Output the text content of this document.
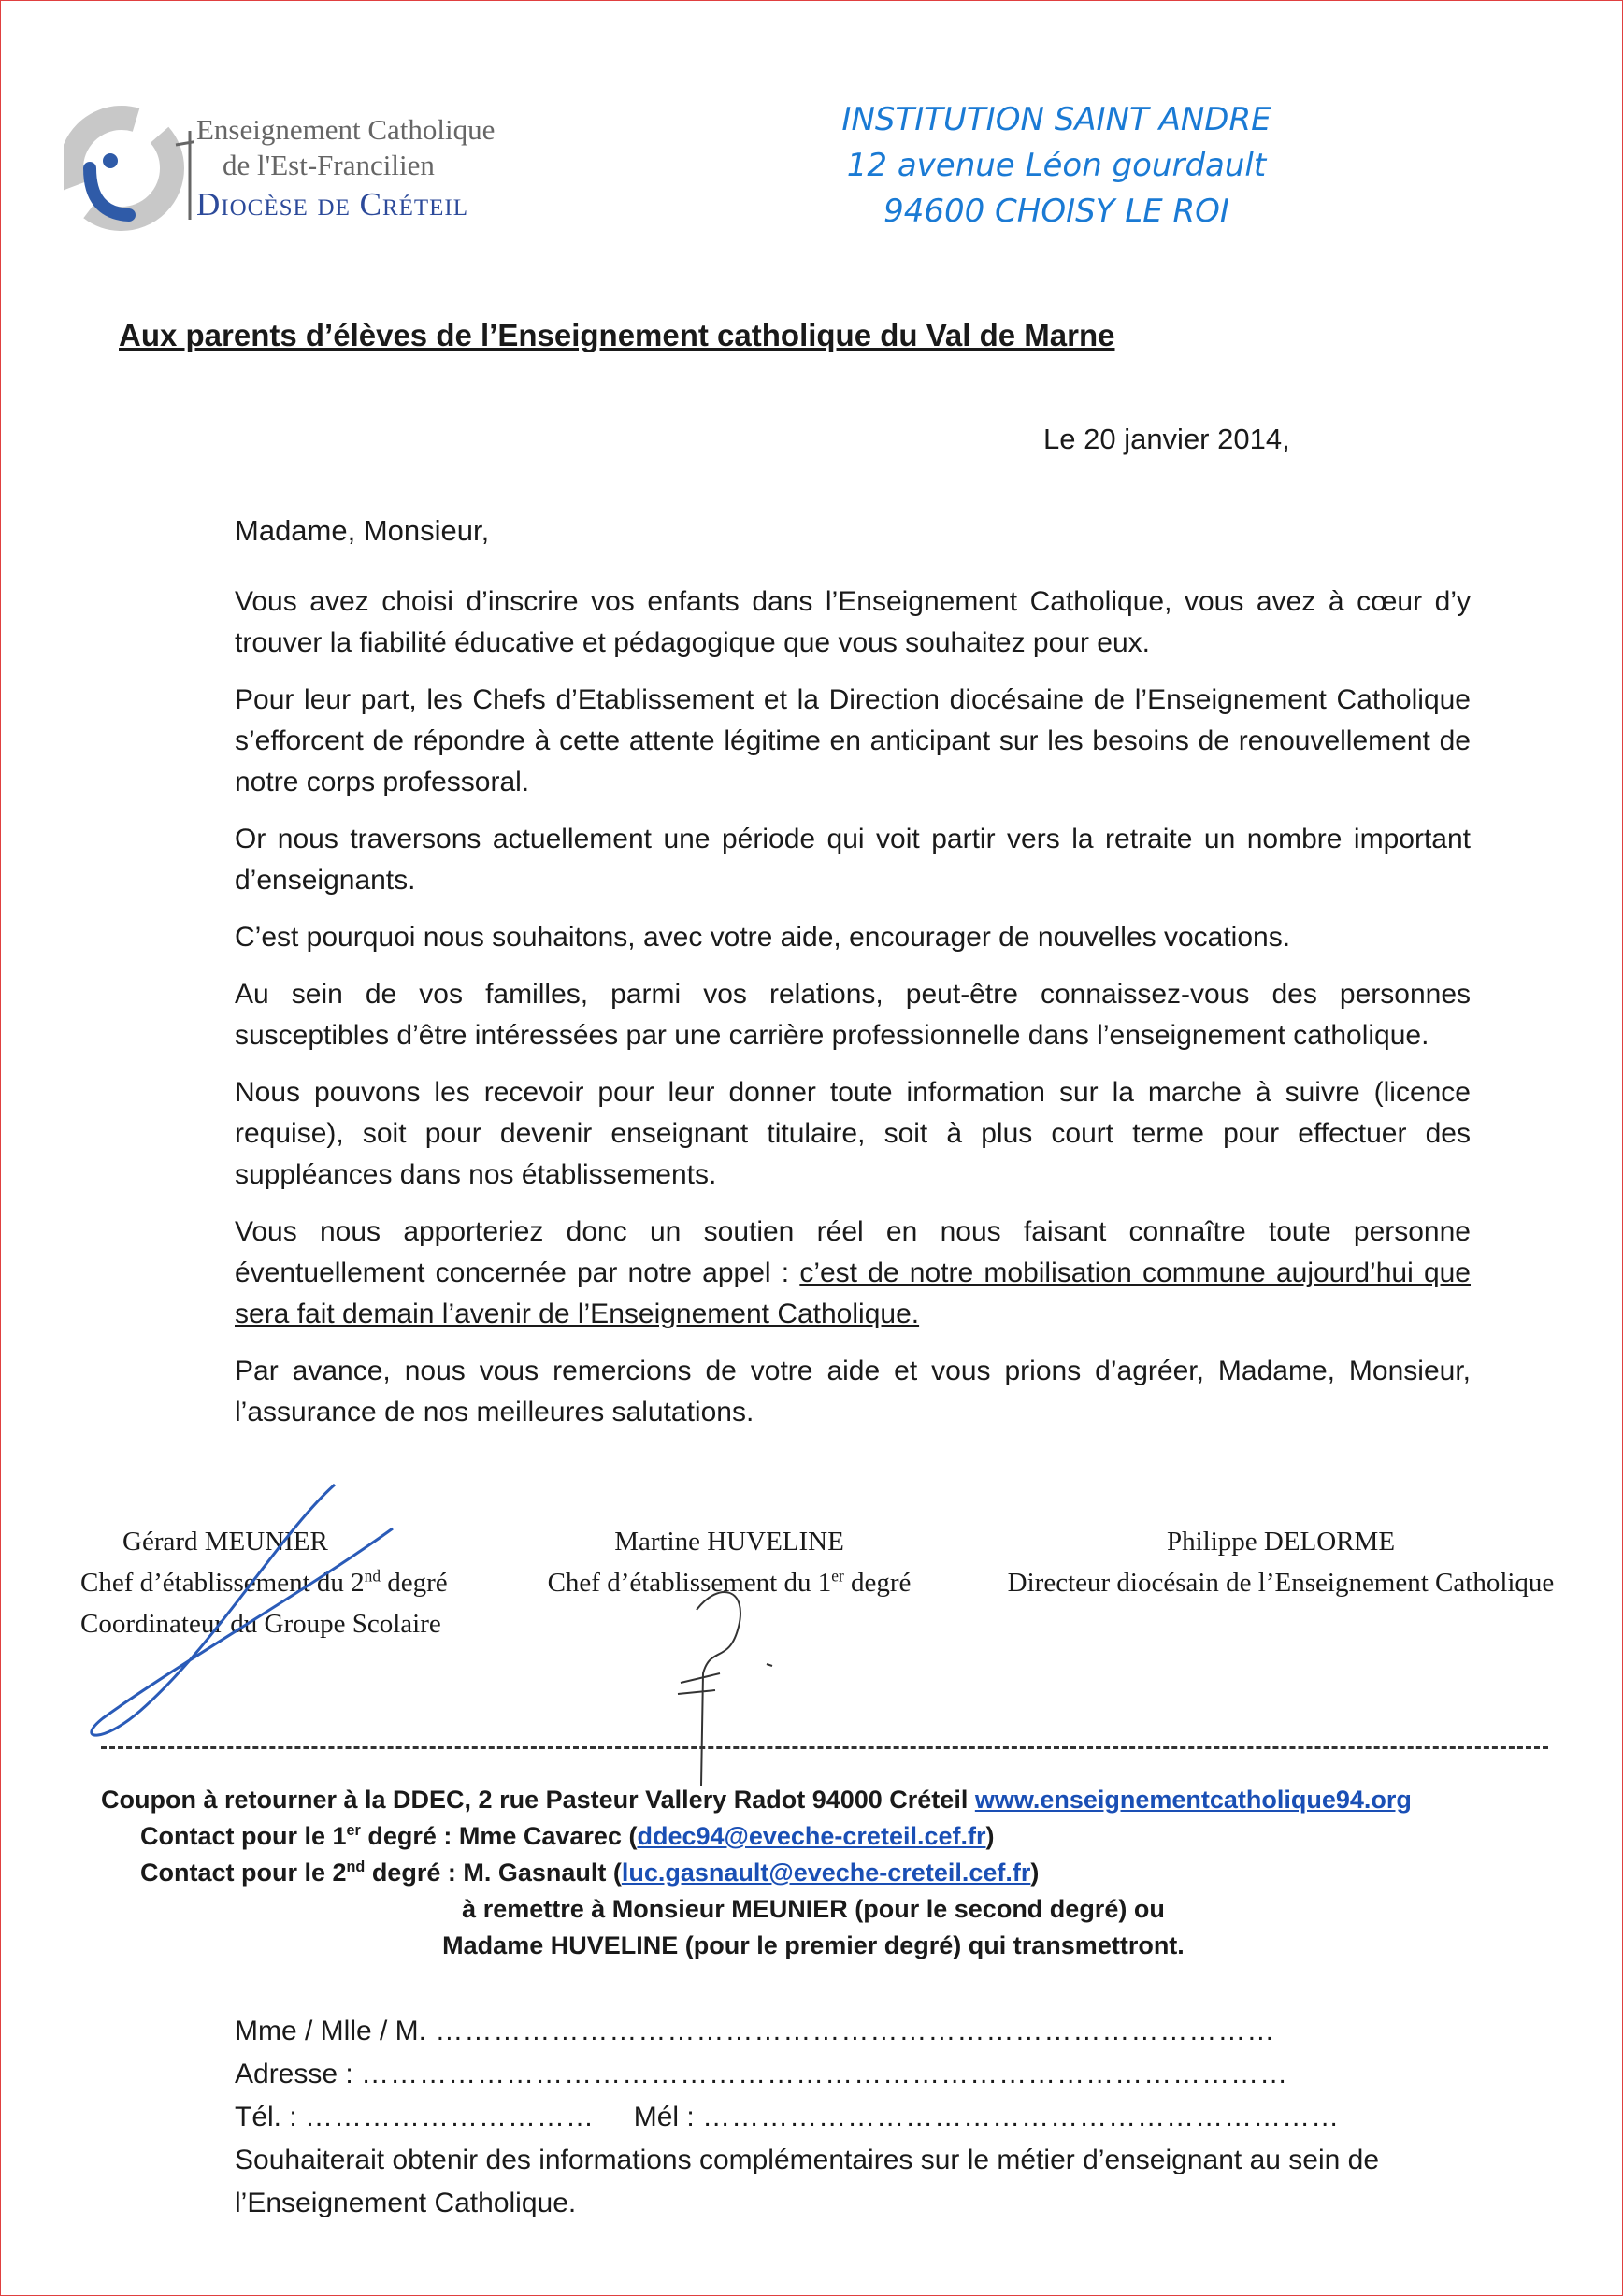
Enseignement Catholique
de l'Est-Francilien
Diocèse de Créteil
INSTITUTION SAINT ANDRE
12 avenue Léon gourdault
94600 CHOISY LE ROI
Aux parents d’élèves de l’Enseignement catholique du Val de Marne
Le 20 janvier 2014,
Madame, Monsieur,

Vous avez choisi d’inscrire vos enfants dans l’Enseignement Catholique, vous avez à cœur d’y trouver la fiabilité éducative et pédagogique que vous souhaitez pour eux.

Pour leur part, les Chefs d’Etablissement et la Direction diocésaine de l’Enseignement Catholique s’efforcent de répondre à cette attente légitime en anticipant sur les besoins de renouvellement de notre corps professoral.

Or nous traversons actuellement une période qui voit partir vers la retraite un nombre important d’enseignants.

C’est pourquoi nous souhaitons, avec votre aide, encourager de nouvelles vocations.

Au sein de vos familles, parmi vos relations, peut-être connaissez-vous des personnes susceptibles d’être intéressées par une carrière professionnelle dans l’enseignement catholique.

Nous pouvons les recevoir pour leur donner toute information sur la marche à suivre (licence requise), soit pour devenir enseignant titulaire, soit à plus court terme pour effectuer des suppléances dans nos établissements.

Vous nous apporteriez donc un soutien réel en nous faisant connaître toute personne éventuellement concernée par notre appel : c’est de notre mobilisation commune aujourd’hui que sera fait demain l’avenir de l’Enseignement Catholique.

Par avance, nous vous remercions de votre aide et vous prions d’agréer, Madame, Monsieur, l’assurance de nos meilleures salutations.

Gérard MEUNIER
Chef d’établissement du 2nd degré
Coordinateur du Groupe Scolaire
Martine HUVELINE
Chef d’établissement du 1er degré
Philippe DELORME
Directeur diocésain de l’Enseignement Catholique
Coupon à retourner à la DDEC, 2 rue Pasteur Vallery Radot 94000 Créteil www.enseignementcatholique94.org
Contact pour le 1er degré : Mme Cavarec (ddec94@eveche-creteil.cef.fr)
Contact pour le 2nd degré : M. Gasnault (luc.gasnault@eveche-creteil.cef.fr)
à remettre à Monsieur MEUNIER (pour le second degré) ou
Madame HUVELINE (pour le premier degré) qui transmettront.
Mme / Mlle / M. ……………………………………………………………………………
Adresse : ……………………………………………………………………………………
Tél. : ………………………… Mél : …………………………………………………………
Souhaiterait obtenir des informations complémentaires sur le métier d’enseignant au sein de l’Enseignement Catholique.
